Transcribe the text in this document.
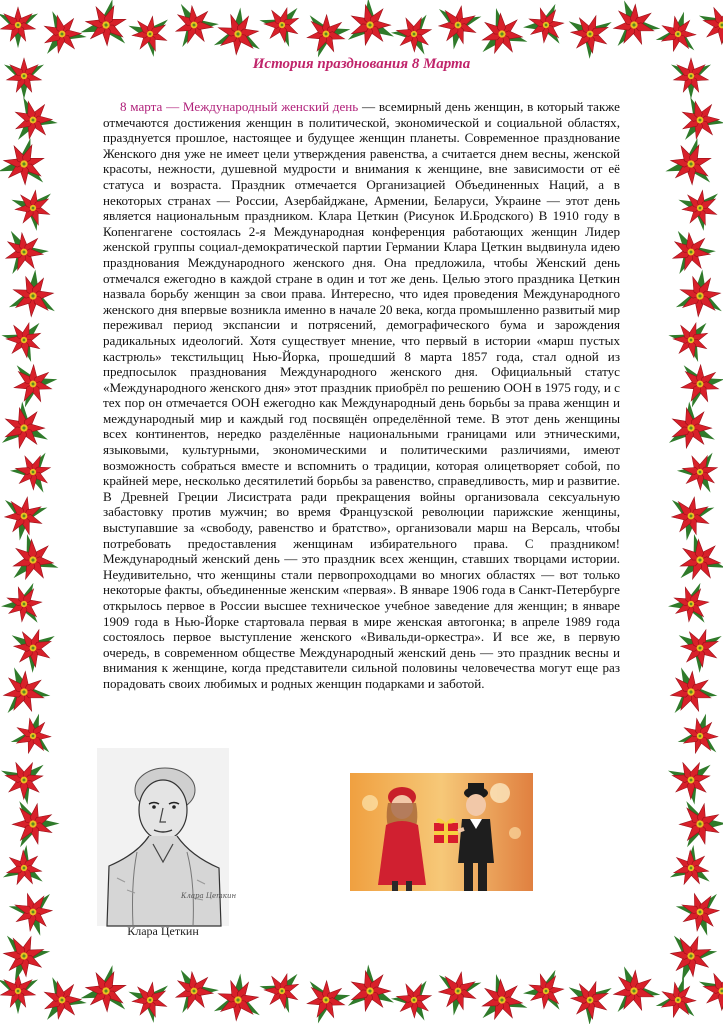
История празднования 8 Марта

8 марта — Международный женский день — всемирный день женщин, в который также отмечаются достижения женщин в политической, экономической и социальной областях, празднуется прошлое, настоящее и будущее женщин планеты. Современное празднование Женского дня уже не имеет цели утверждения равенства, а считается днем весны, женской красоты, нежности, душевной мудрости и внимания к женщине, вне зависимости от её статуса и возраста. Праздник отмечается Организацией Объединенных Наций, а в некоторых странах — России, Азербайджане, Армении, Беларуси, Украине — этот день является национальным праздником. Клара Цеткин (Рисунок И.Бродского) В 1910 году в Копенгагене состоялась 2-я Международная конференция работающих женщин Лидер женской группы социал-демократической партии Германии Клара Цеткин выдвинула идею празднования Международного женского дня. Она предложила, чтобы Женский день отмечался ежегодно в каждой стране в один и тот же день. Целью этого праздника Цеткин назвала борьбу женщин за свои права. Интересно, что идея проведения Международного женского дня впервые возникла именно в начале 20 века, когда промышленно развитый мир переживал период экспансии и потрясений, демографического бума и зарождения радикальных идеологий. Хотя существует мнение, что первый в истории «марш пустых кастрюль» текстильщиц Нью-Йорка, прошедший 8 марта 1857 года, стал одной из предпосылок празднования Международного женского дня. Официальный статус «Международного женского дня» этот праздник приобрёл по решению ООН в 1975 году, и с тех пор он отмечается ООН ежегодно как Международный день борьбы за права женщин и международный мир и каждый год посвящён определённой теме. В этот день женщины всех континентов, нередко разделённые национальными границами или этническими, языковыми, культурными, экономическими и политическими различиями, имеют возможность собраться вместе и вспомнить о традиции, которая олицетворяет собой, по крайней мере, несколько десятилетий борьбы за равенство, справедливость, мир и развитие. В Древней Греции Лисистрата ради прекращения войны организовала сексуальную забастовку против мужчин; во время Французской революции парижские женщины, выступавшие за «свободу, равенство и братство», организовали марш на Версаль, чтобы потребовать предоставления женщинам избирательного права. С праздником! Международный женский день — это праздник всех женщин, ставших творцами истории. Неудивительно, что женщины стали первопроходцами во многих областях — вот только некоторые факты, объединенные женским «первая». В январе 1906 года в Санкт-Петербурге открылось первое в России высшее техническое учебное заведение для женщин; в январе 1909 года в Нью-Йорке стартовала первая в мире женская автогонка; в апреле 1989 года состоялось первое выступление женского «Вивальди-оркестра». И все же, в первую очередь, в современном обществе Международный женский день — это праздник весны и внимания к женщине, когда представители сильной половины человечества могут еще раз порадовать своих любимых и родных женщин подарками и заботой.

Клара Цеткин
Клара Цеткин
